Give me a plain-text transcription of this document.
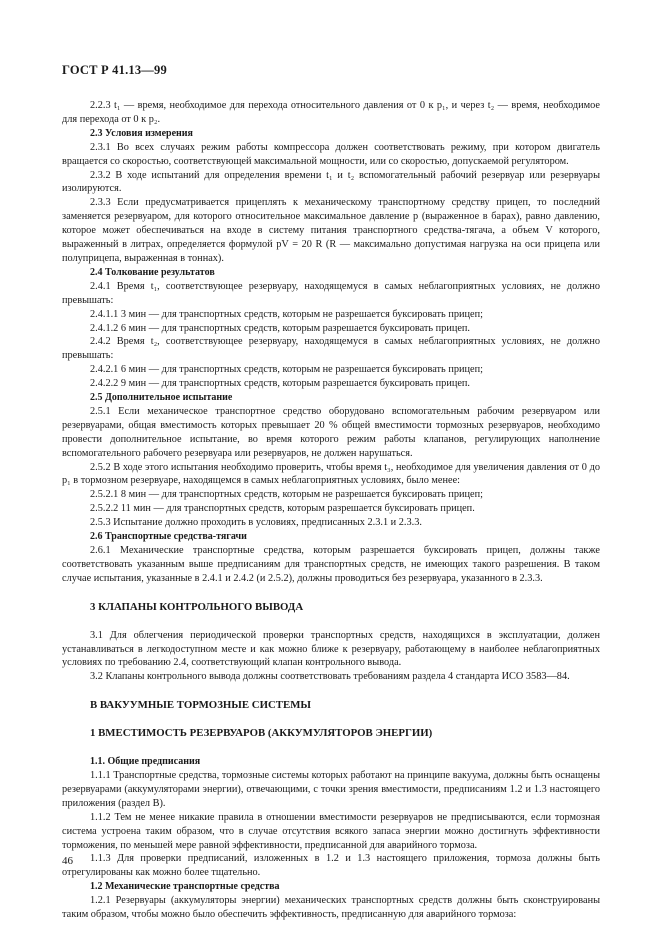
ГОСТ Р 41.13—99
2.2.3 t₁ — время, необходимое для перехода относительного давления от 0 к p₁, и через t₂ — время, необходимое для перехода от 0 к p₂.
2.3 Условия измерения
2.3.1 Во всех случаях режим работы компрессора должен соответствовать режиму, при котором двигатель вращается со скоростью, соответствующей максимальной мощности, или со скоростью, допускаемой регулятором.
2.3.2 В ходе испытаний для определения времени t₁ и t₂ вспомогательный рабочий резервуар или резервуары изолируются.
2.3.3 Если предусматривается прицеплять к механическому транспортному средству прицеп, то последний заменяется резервуаром, для которого относительное максимальное давление p (выраженное в барах), равно давлению, которое может обеспечиваться на входе в систему питания транспортного средства-тягача, а объем V которого, выраженный в литрах, определяется формулой pV = 20 R (R — максимально допустимая нагрузка на оси прицепа или полуприцепа, выраженная в тоннах).
2.4 Толкование результатов
2.4.1 Время t₁, соответствующее резервуару, находящемуся в самых неблагоприятных условиях, не должно превышать:
2.4.1.1 3 мин — для транспортных средств, которым не разрешается буксировать прицеп;
2.4.1.2 6 мин — для транспортных средств, которым разрешается буксировать прицеп.
2.4.2 Время t₂, соответствующее резервуару, находящемуся в самых неблагоприятных условиях, не должно превышать:
2.4.2.1 6 мин — для транспортных средств, которым не разрешается буксировать прицеп;
2.4.2.2 9 мин — для транспортных средств, которым разрешается буксировать прицеп.
2.5 Дополнительное испытание
2.5.1 Если механическое транспортное средство оборудовано вспомогательным рабочим резервуаром или резервуарами, общая вместимость которых превышает 20 % общей вместимости тормозных резервуаров, необходимо провести дополнительное испытание, во время которого режим работы клапанов, регулирующих наполнение вспомогательного рабочего резервуара или резервуаров, не должен нарушаться.
2.5.2 В ходе этого испытания необходимо проверить, чтобы время t₃, необходимое для увеличения давления от 0 до p₁ в тормозном резервуаре, находящемся в самых неблагоприятных условиях, было менее:
2.5.2.1 8 мин — для транспортных средств, которым не разрешается буксировать прицеп;
2.5.2.2 11 мин — для транспортных средств, которым разрешается буксировать прицеп.
2.5.3 Испытание должно проходить в условиях, предписанных 2.3.1 и 2.3.3.
2.6 Транспортные средства-тягачи
2.6.1 Механические транспортные средства, которым разрешается буксировать прицеп, должны также соответствовать указанным выше предписаниям для транспортных средств, не имеющих такого разрешения. В таком случае испытания, указанные в 2.4.1 и 2.4.2 (и 2.5.2), должны проводиться без резервуара, указанного в 2.3.3.
3 КЛАПАНЫ КОНТРОЛЬНОГО ВЫВОДА
3.1 Для облегчения периодической проверки транспортных средств, находящихся в эксплуатации, должен устанавливаться в легкодоступном месте и как можно ближе к резервуару, работающему в наиболее неблагоприятных условиях по требованию 2.4, соответствующий клапан контрольного вывода.
3.2 Клапаны контрольного вывода должны соответствовать требованиям раздела 4 стандарта ИСО 3583—84.
В ВАКУУМНЫЕ ТОРМОЗНЫЕ СИСТЕМЫ
1 ВМЕСТИМОСТЬ РЕЗЕРВУАРОВ (АККУМУЛЯТОРОВ ЭНЕРГИИ)
1.1. Общие предписания
1.1.1 Транспортные средства, тормозные системы которых работают на принципе вакуума, должны быть оснащены резервуарами (аккумуляторами энергии), отвечающими, с точки зрения вместимости, предписаниям 1.2 и 1.3 настоящего приложения (раздел В).
1.1.2 Тем не менее никакие правила в отношении вместимости резервуаров не предписываются, если тормозная система устроена таким образом, что в случае отсутствия всякого запаса энергии можно достигнуть эффективности торможения, по меньшей мере равной эффективности, предписанной для аварийного тормоза.
1.1.3 Для проверки предписаний, изложенных в 1.2 и 1.3 настоящего приложения, тормоза должны быть отрегулированы как можно более тщательно.
1.2 Механические транспортные средства
1.2.1 Резервуары (аккумуляторы энергии) механических транспортных средств должны быть сконструированы таким образом, чтобы можно было обеспечить эффективность, предписанную для аварийного тормоза:
46
